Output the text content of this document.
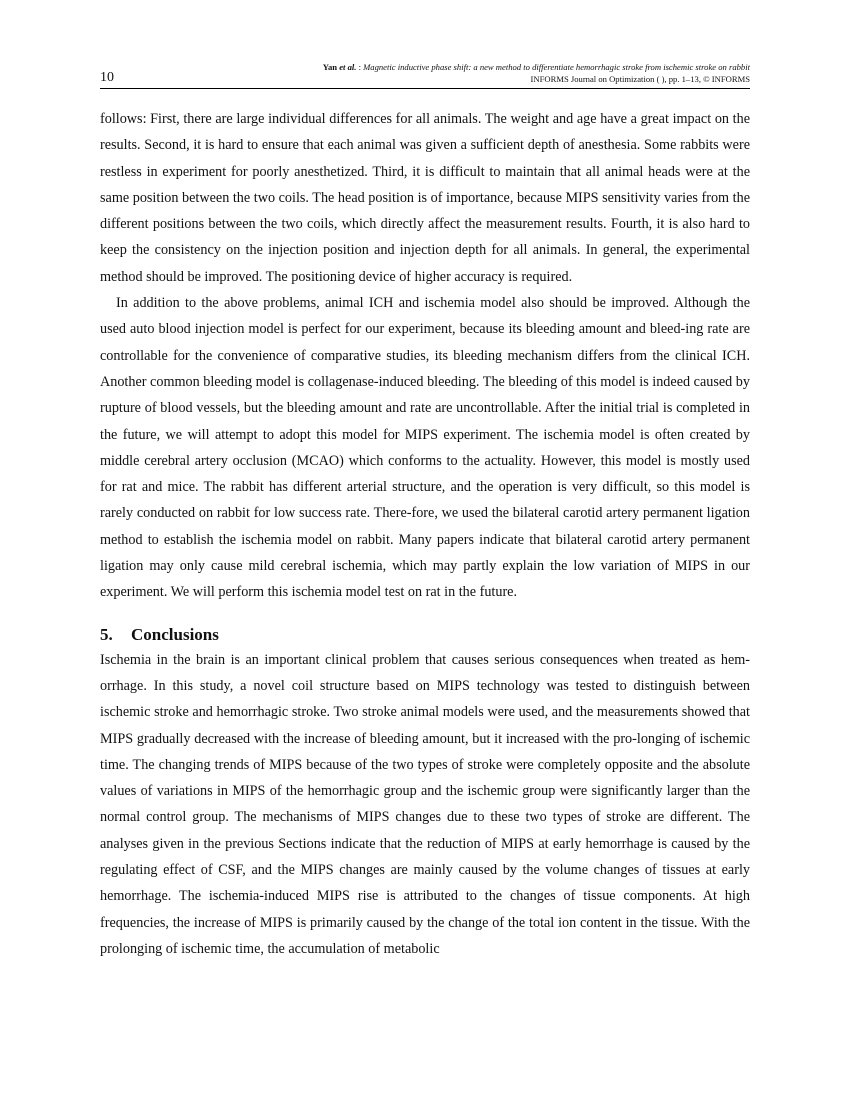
10
Yan et al. : Magnetic inductive phase shift: a new method to differentiate hemorrhagic stroke from ischemic stroke on rabbit
INFORMS Journal on Optimization ( ), pp. 1–13, © INFORMS

follows: First, there are large individual differences for all animals. The weight and age have a great impact on the results. Second, it is hard to ensure that each animal was given a sufficient depth of anesthesia. Some rabbits were restless in experiment for poorly anesthetized. Third, it is difficult to maintain that all animal heads were at the same position between the two coils. The head position is of importance, because MIPS sensitivity varies from the different positions between the two coils, which directly affect the measurement results. Fourth, it is also hard to keep the consistency on the injection position and injection depth for all animals. In general, the experimental method should be improved. The positioning device of higher accuracy is required.

In addition to the above problems, animal ICH and ischemia model also should be improved. Although the used auto blood injection model is perfect for our experiment, because its bleeding amount and bleed-ing rate are controllable for the convenience of comparative studies, its bleeding mechanism differs from the clinical ICH. Another common bleeding model is collagenase-induced bleeding. The bleeding of this model is indeed caused by rupture of blood vessels, but the bleeding amount and rate are uncontrollable. After the initial trial is completed in the future, we will attempt to adopt this model for MIPS experiment. The ischemia model is often created by middle cerebral artery occlusion (MCAO) which conforms to the actuality. However, this model is mostly used for rat and mice. The rabbit has different arterial structure, and the operation is very difficult, so this model is rarely conducted on rabbit for low success rate. There-fore, we used the bilateral carotid artery permanent ligation method to establish the ischemia model on rabbit. Many papers indicate that bilateral carotid artery permanent ligation may only cause mild cerebral ischemia, which may partly explain the low variation of MIPS in our experiment. We will perform this ischemia model test on rat in the future.

5. Conclusions

Ischemia in the brain is an important clinical problem that causes serious consequences when treated as hem-orrhage. In this study, a novel coil structure based on MIPS technology was tested to distinguish between ischemic stroke and hemorrhagic stroke. Two stroke animal models were used, and the measurements showed that MIPS gradually decreased with the increase of bleeding amount, but it increased with the pro-longing of ischemic time. The changing trends of MIPS because of the two types of stroke were completely opposite and the absolute values of variations in MIPS of the hemorrhagic group and the ischemic group were significantly larger than the normal control group. The mechanisms of MIPS changes due to these two types of stroke are different. The analyses given in the previous Sections indicate that the reduction of MIPS at early hemorrhage is caused by the regulating effect of CSF, and the MIPS changes are mainly caused by the volume changes of tissues at early hemorrhage. The ischemia-induced MIPS rise is attributed to the changes of tissue components. At high frequencies, the increase of MIPS is primarily caused by the change of the total ion content in the tissue. With the prolonging of ischemic time, the accumulation of metabolic
